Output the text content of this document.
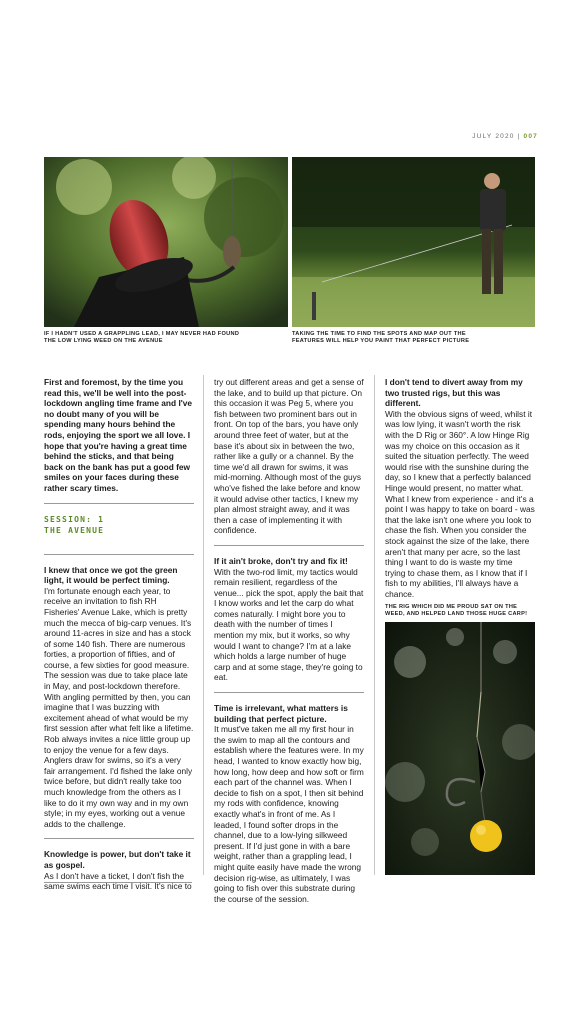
JULY 2020 | 007
IF I HADN'T USED A GRAPPLING LEAD, I MAY NEVER HAD FOUND THE LOW LYING WEED ON THE AVENUE
TAKING THE TIME TO FIND THE SPOTS AND MAP OUT THE FEATURES WILL HELP YOU PAINT THAT PERFECT PICTURE

First and foremost, by the time you read this, we'll be well into the post-lockdown angling time frame and I've no doubt many of you will be spending many hours behind the rods, enjoying the sport we all love. I hope that you're having a great time behind the sticks, and that being back on the bank has put a good few smiles on your faces during these rather scary times.

SESSION: 1
THE AVENUE

I knew that once we got the green light, it would be perfect timing.
I'm fortunate enough each year, to receive an invitation to fish RH Fisheries' Avenue Lake, which is pretty much the mecca of big-carp venues. It's around 11-acres in size and has a stock of some 140 fish. There are numerous forties, a proportion of fifties, and of course, a few sixties for good measure. The session was due to take place late in May, and post-lockdown therefore. With angling permitted by then, you can imagine that I was buzzing with excitement ahead of what would be my first session after what felt like a lifetime. Rob always invites a nice little group up to enjoy the venue for a few days. Anglers draw for swims, so it's a very fair arrangement. I'd fished the lake only twice before, but didn't really take too much knowledge from the others as I like to do it my own way and in my own style; in my eyes, working out a venue adds to the challenge.

Knowledge is power, but don't take it as gospel.
As I don't have a ticket, I don't fish the same swims each time I visit. It's nice to

try out different areas and get a sense of the lake, and to build up that picture. On this occasion it was Peg 5, where you fish between two prominent bars out in front. On top of the bars, you have only around three feet of water, but at the base it's about six in between the two, rather like a gully or a channel. By the time we'd all drawn for swims, it was mid-morning. Although most of the guys who've fished the lake before and know it would advise other tactics, I knew my plan almost straight away, and it was then a case of implementing it with confidence.

If it ain't broke, don't try and fix it!
With the two-rod limit, my tactics would remain resilient, regardless of the venue... pick the spot, apply the bait that I know works and let the carp do what comes naturally. I might bore you to death with the number of times I mention my mix, but it works, so why would I want to change? I'm at a lake which holds a large number of huge carp and at some stage, they're going to eat.

Time is irrelevant, what matters is building that perfect picture.
It must've taken me all my first hour in the swim to map all the contours and establish where the features were. In my head, I wanted to know exactly how big, how long, how deep and how soft or firm each part of the channel was. When I decide to fish on a spot, I then sit behind my rods with confidence, knowing exactly what's in front of me. As I leaded, I found softer drops in the channel, due to a low-lying silkweed present. If I'd just gone in with a bare weight, rather than a grappling lead, I might quite easily have made the wrong decision rig-wise, as ultimately, I was going to fish over this substrate during the course of the session.

I don't tend to divert away from my two trusted rigs, but this was different.
With the obvious signs of weed, whilst it was low lying, it wasn't worth the risk with the D Rig or 360°. A low Hinge Rig was my choice on this occasion as it suited the situation perfectly. The weed would rise with the sunshine during the day, so I knew that a perfectly balanced Hinge would present, no matter what. What I knew from experience - and it's a point I was happy to take on board - was that the lake isn't one where you look to chase the fish. When you consider the stock against the size of the lake, there aren't that many per acre, so the last thing I want to do is waste my time trying to chase them, as I know that if I fish to my abilities, I'll always have a chance.

THE RIG WHICH DID ME PROUD SAT ON THE WEED, AND HELPED LAND THOSE HUGE CARP!
